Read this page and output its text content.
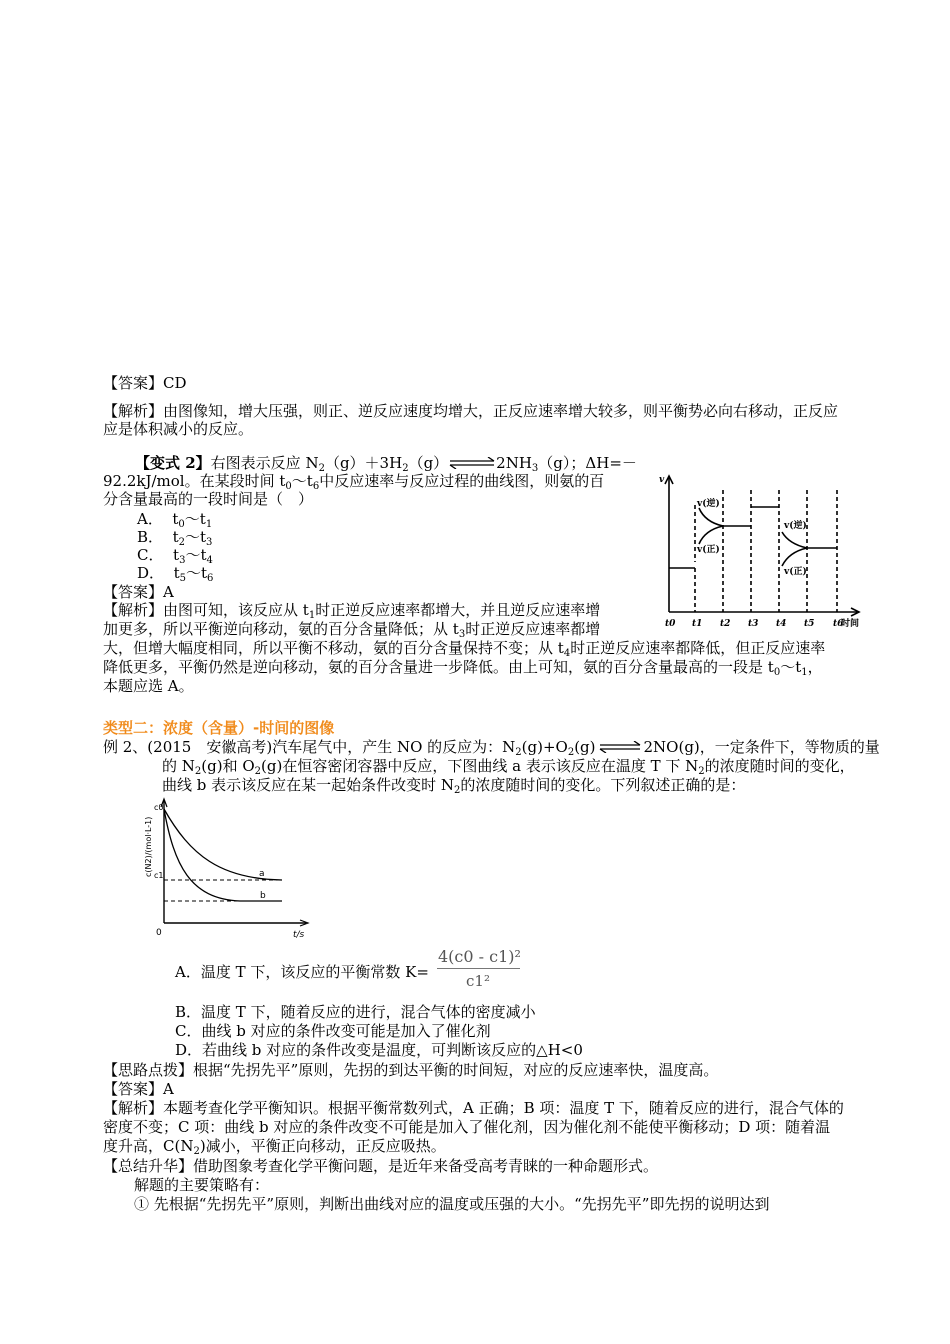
【答案】CD
【解析】由图像知，增大压强，则正、逆反应速度均增大，正反应速率增大较多，则平衡势必向右移动，正反应
应是体积减小的反应。
【变式 2】右图表示反应 $N_2(g)+3H_2(g)\rightleftharpoons 2NH_3(g)$；ΔH=－
92.2kJ/mol。在某段时间 $t_0\sim t_6$中反应速率与反应过程的曲线图，则氨的百
分含量最高的一段时间是（　）
A． $t_0\sim t_1$
B． $t_2\sim t_3$
C． $t_3\sim t_4$
D． $t_5\sim t_6$
【答案】A
【解析】由图可知，该反应从 $t_1$时正逆反应速率都增大，并且逆反应速率增
加更多，所以平衡逆向移动，氨的百分含量降低；从 $t_3$时正逆反应速率都增
大，但增大幅度相同，所以平衡不移动，氨的百分含量保持不变；从 $t_4$时正逆反应速率都降低，但正反应速率
降低更多，平衡仍然是逆向移动，氨的百分含量进一步降低。由上可知，氨的百分含量最高的一段是 $t_0\sim t_1$，
本题应选 A。
v
时间
t0 t1 t2 t3 t4 t5 t6
v(逆)
v(正)
v(逆)
v(正)
类型二：浓度（含量）-时间的图像
例 2、(2015　安徽高考)汽车尾气中，产生 NO 的反应为：$N_2(g)+O_2(g)\rightleftharpoons 2NO(g)$，一定条件下，等物质的量
的 $N_2(g)$和 $O_2(g)$在恒容密闭容器中反应，下图曲线 a 表示该反应在温度 T 下 $N_2$的浓度随时间的变化，
曲线 b 表示该反应在某一起始条件改变时 $N_2$的浓度随时间的变化。下列叙述正确的是：
c0
c1	a
b
0	t/s
c(N2)/(mol·L-1)
A．温度 T 下，该反应的平衡常数 K=
4(c0 - c1)²
c1²
B．温度 T 下，随着反应的进行，混合气体的密度减小
C．曲线 b 对应的条件改变可能是加入了催化剂
D．若曲线 b 对应的条件改变是温度，可判断该反应的△H<0
【思路点拨】根据“先拐先平”原则，先拐的到达平衡的时间短，对应的反应速率快，温度高。
【答案】A
【解析】本题考查化学平衡知识。根据平衡常数列式，A 正确；B 项：温度 T 下，随着反应的进行，混合气体的
密度不变；C 项：曲线 b 对应的条件改变不可能是加入了催化剂，因为催化剂不能使平衡移动；D 项：随着温
度升高，$C(N_2)$减小，平衡正向移动，正反应吸热。
【总结升华】借助图象考查化学平衡问题，是近年来备受高考青睐的一种命题形式。
解题的主要策略有：
① 先根据“先拐先平”原则，判断出曲线对应的温度或压强的大小。“先拐先平”即先拐的说明达到
